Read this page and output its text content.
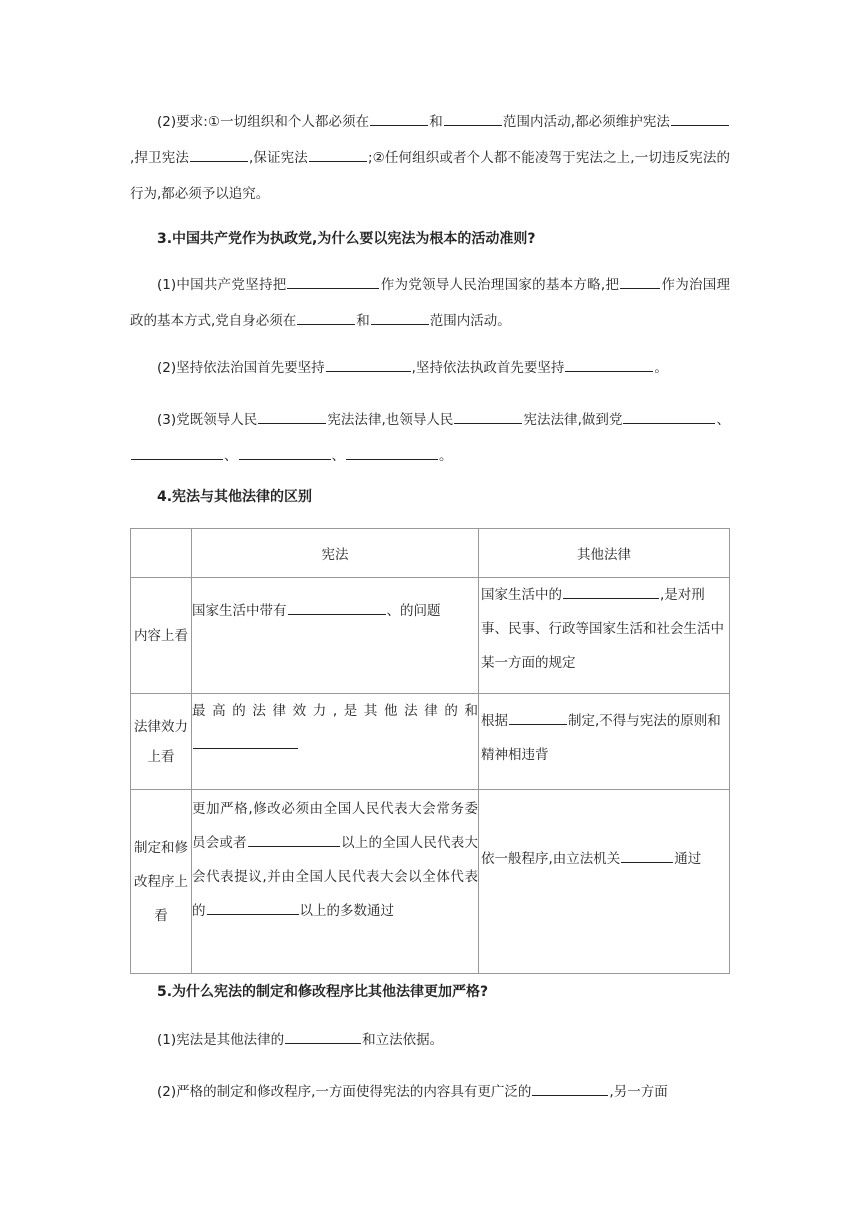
(2)要求:①一切组织和个人都必须在	和	范围内活动,都必须维护宪法,捍卫宪法	,保证宪法	;②任何组织或者个人都不能凌驾于宪法之上,一切违反宪法的行为,都必须予以追究。

3.中国共产党作为执政党,为什么要以宪法为根本的活动准则?

(1)中国共产党坚持把	作为党领导人民治理国家的基本方略,把	作为治国理政的基本方式,党自身必须在	和	范围内活动。

(2)坚持依法治国首先要坚持	,坚持依法执政首先要坚持	。

(3)党既领导人民	宪法法律,也领导人民	宪法法律,做到党	、、	、	。

4.宪法与其他法律的区别

	宪法	其他法律
内容上看	国家生活中带有 、的问题	国家生活中的 ,是对刑事、民事、行政等国家生活和社会生活中某一方面的规定
法律效力上看	最高的法律效力,是其他法律的和	根据 制定,不得与宪法的原则和精神相违背
制定和修改程序上看	更加严格,修改必须由全国人民代表大会常务委员会或者 以上的全国人民代表大会代表提议,并由全国人民代表大会以全体代表的 以上的多数通过	依一般程序,由立法机关 通过

5.为什么宪法的制定和修改程序比其他法律更加严格?

(1)宪法是其他法律的	和立法依据。

(2)严格的制定和修改程序,一方面使得宪法的内容具有更广泛的	,另一方面
